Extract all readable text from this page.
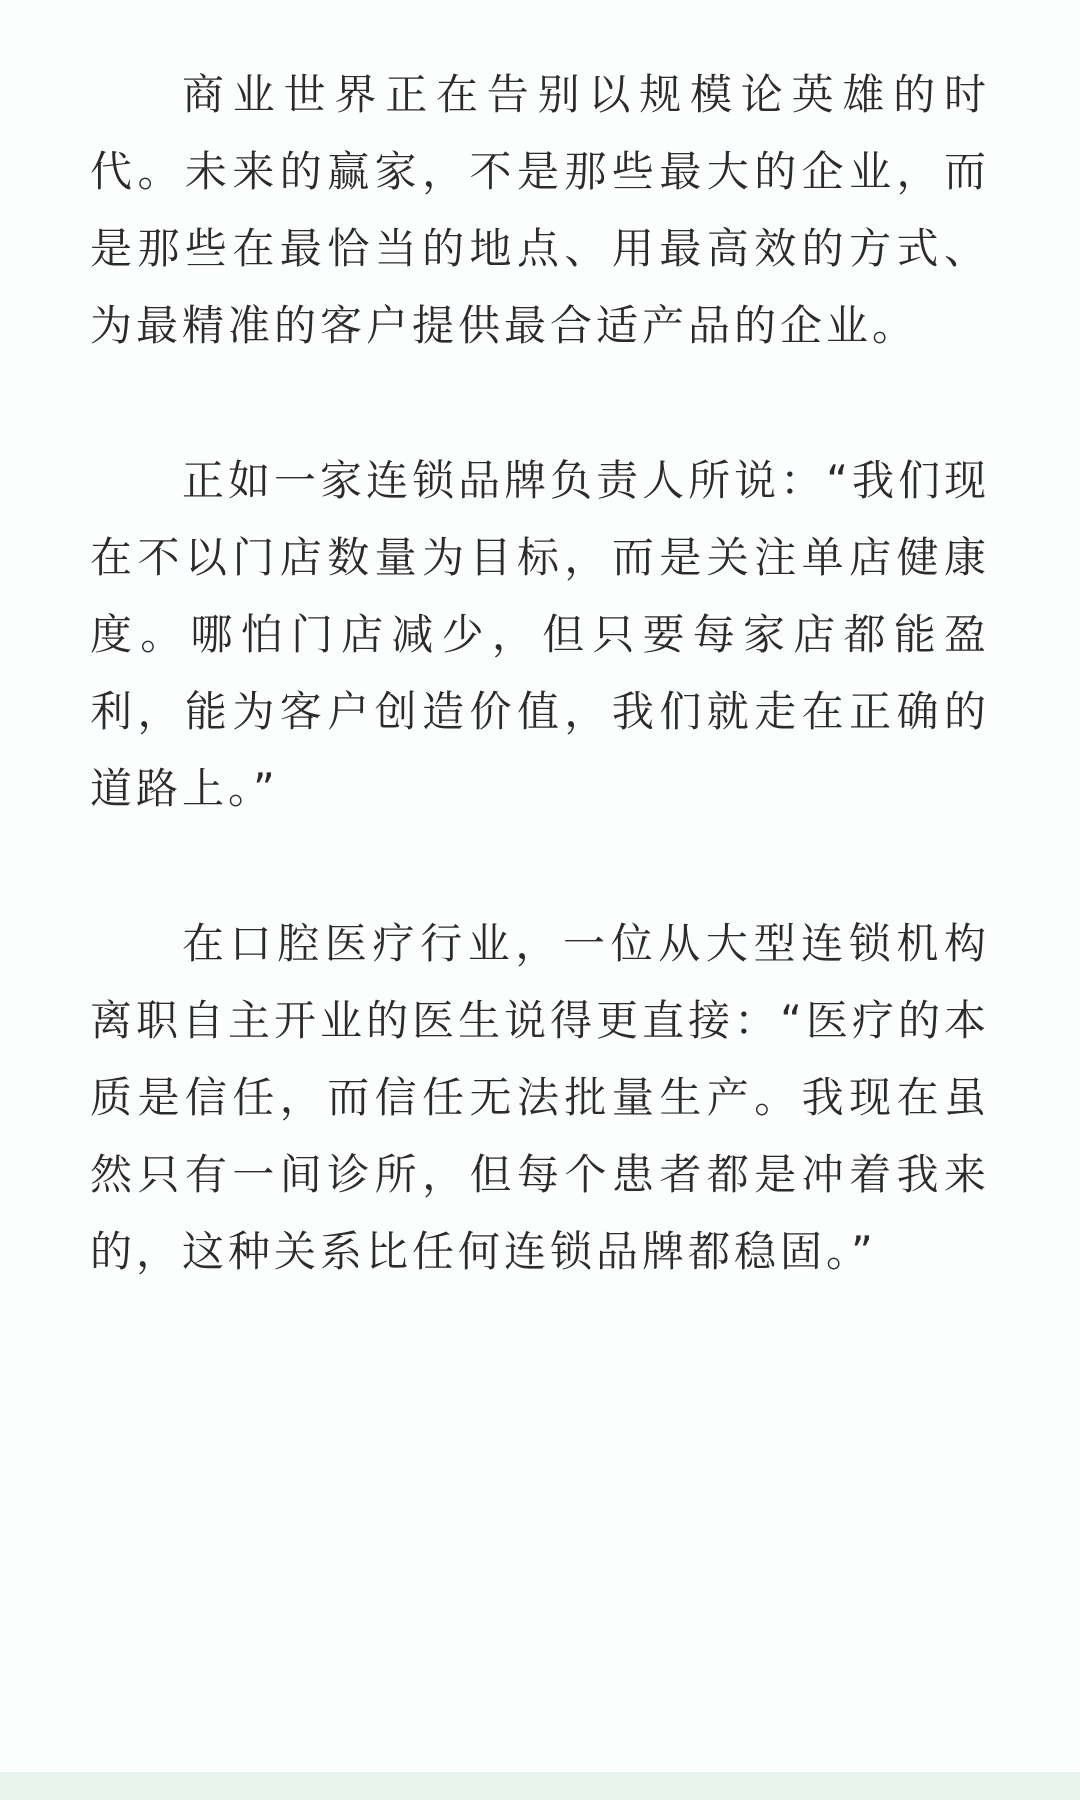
商业世界正在告别以规模论英雄的时代。未来的赢家，不是那些最大的企业，而是那些在最恰当的地点、用最高效的方式、为最精准的客户提供最合适产品的企业。

正如一家连锁品牌负责人所说：“我们现在不以门店数量为目标，而是关注单店健康度。哪怕门店减少，但只要每家店都能盈利，能为客户创造价值，我们就走在正确的道路上。”

在口腔医疗行业，一位从大型连锁机构离职自主开业的医生说得更直接：“医疗的本质是信任，而信任无法批量生产。我现在虽然只有一间诊所，但每个患者都是冲着我来的，这种关系比任何连锁品牌都稳固。”
